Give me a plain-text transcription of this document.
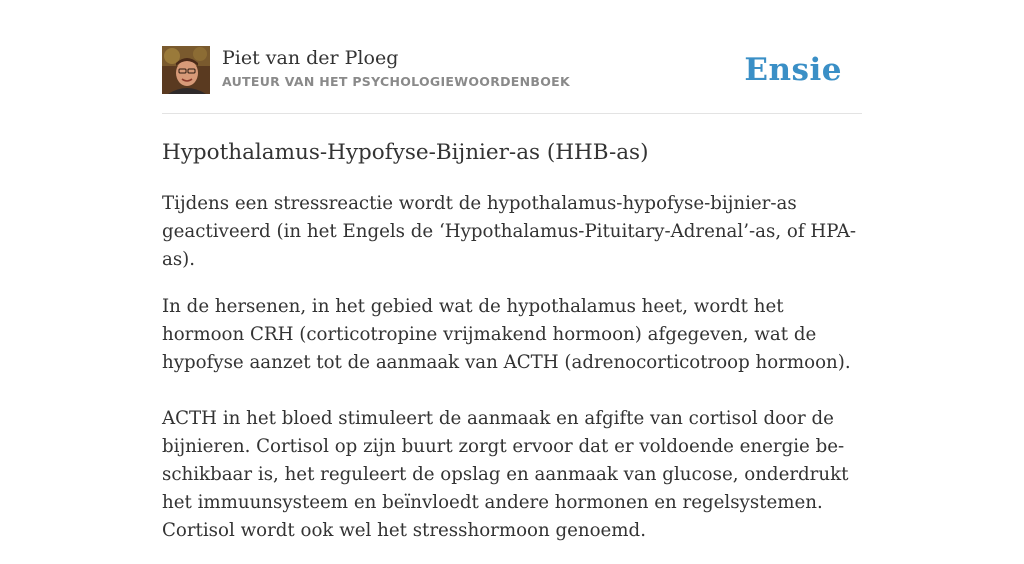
Piet van der Ploeg
AUTEUR VAN HET PSYCHOLOGIEWOORDENBOEK	Ensie
Hypothalamus-Hypofyse-Bijnier-as (HHB-as)

Tijdens een stressreactie wordt de hypothalamus-hypofyse-bijnier-as geactiveerd (in het Engels de ‘Hypothalamus-Pituitary-Adrenal’-as, of HPA-as).

In de hersenen, in het gebied wat de hypothalamus heet, wordt het hormoon CRH (corticotropine vrijmakend hormoon) afgegeven, wat de hypofyse aanzet tot de aanmaak van ACTH (adrenocorticotroop hormoon).

ACTH in het bloed stimuleert de aanmaak en afgifte van cortisol door de bijnieren. Cortisol op zijn buurt zorgt ervoor dat er voldoende energie be-schikbaar is, het reguleert de opslag en aanmaak van glucose, onderdrukt het immuunsysteem en beïnvloedt andere hormonen en regelsystemen. Cortisol wordt ook wel het stresshormoon genoemd.
